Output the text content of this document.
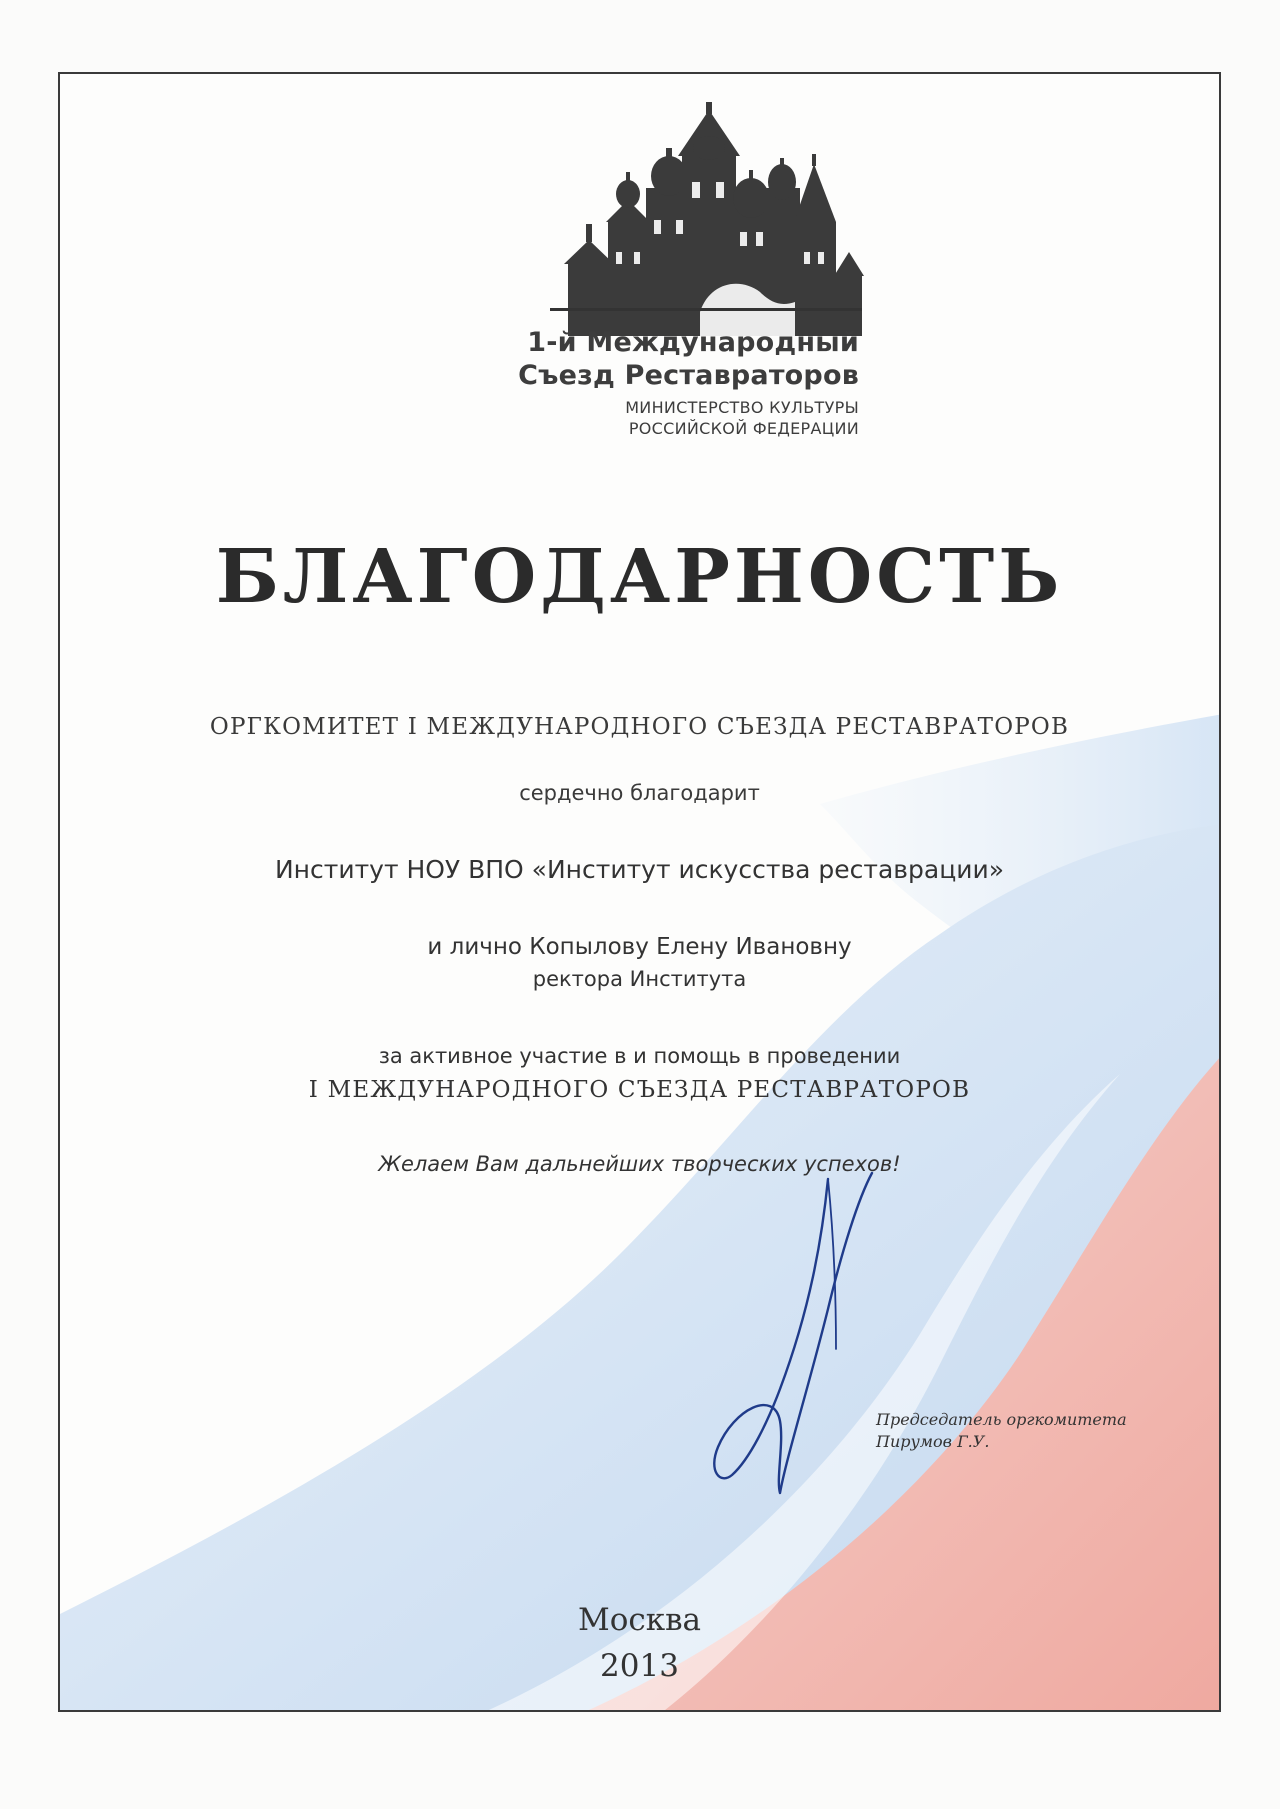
1-й Международный
Съезд Реставраторов
МИНИСТЕРСТВО КУЛЬТУРЫ
РОССИЙСКОЙ ФЕДЕРАЦИИ
БЛАГОДАРНОСТЬ
ОРГКОМИТЕТ I МЕЖДУНАРОДНОГО СЪЕЗДА РЕСТАВРАТОРОВ
сердечно благодарит
Институт НОУ ВПО «Институт искусства реставрации»
и лично Копылову Елену Ивановну
ректора Института
за активное участие в и помощь в проведении
I МЕЖДУНАРОДНОГО СЪЕЗДА РЕСТАВРАТОРОВ
Желаем Вам дальнейших творческих успехов!
Председатель оргкомитета
Пирумов Г.У.
Москва
2013
